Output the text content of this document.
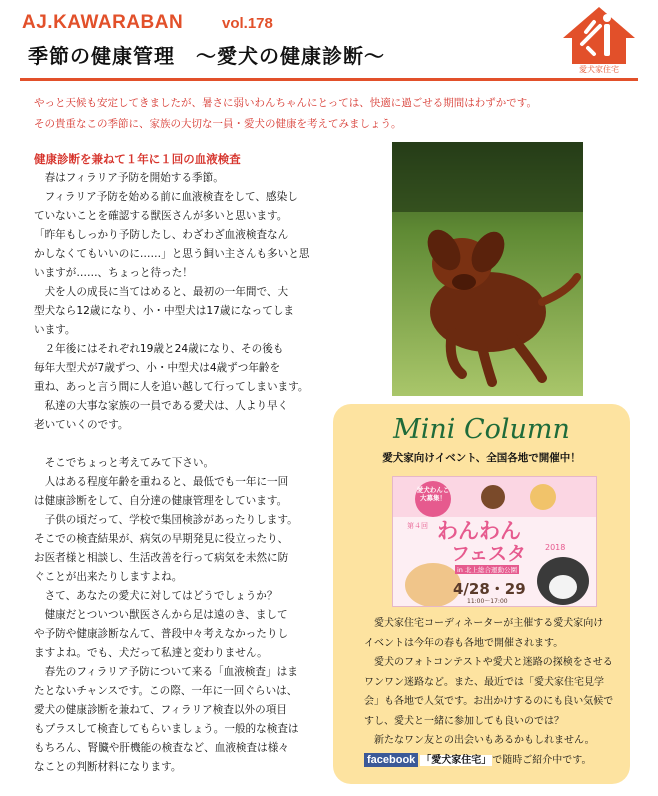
AJ.KAWARABAN	vol.178
季節の健康管理　～愛犬の健康診断～
愛犬家住宅
やっと天候も安定してきましたが、暑さに弱いわんちゃんにとっては、快適に過ごせる期間はわずかです。
その貴重なこの季節に、家族の大切な一員・愛犬の健康を考えてみましょう。

健康診断を兼ねて１年に１回の血液検査

　春はフィラリア予防を開始する季節。

　フィラリア予防を始める前に血液検査をして、感染し

ていないことを確認する獣医さんが多いと思います。

「昨年もしっかり予防したし、わざわざ血液検査なん

かしなくてもいいのに……」と思う飼い主さんも多いと思

いますが……、ちょっと待った！

　犬を人の成長に当てはめると、最初の一年間で、大

型犬なら12歳になり、小・中型犬は17歳になってしま

います。

　２年後にはそれぞれ19歳と24歳になり、その後も

毎年大型犬が7歳ずつ、小・中型犬は4歳ずつ年齢を

重ね、あっと言う間に人を追い越して行ってしまいます。

　私達の大事な家族の一員である愛犬は、人より早く

老いていくのです。

　そこでちょっと考えてみて下さい。

　人はある程度年齢を重ねると、最低でも一年に一回

は健康診断をして、自分達の健康管理をしています。

　子供の頃だって、学校で集団検診があったりします。

そこでの検査結果が、病気の早期発見に役立ったり、

お医者様と相談し、生活改善を行って病気を未然に防

ぐことが出来たりしますよね。

　さて、あなたの愛犬に対してはどうでしょうか？

　健康だとついつい獣医さんから足は遠のき、まして

や予防や健康診断なんて、普段中々考えなかったりし

ますよね。でも、犬だって私達と変わりません。

　春先のフィラリア予防について来る「血液検査」はま

たとないチャンスです。この際、一年に一回ぐらいは、

愛犬の健康診断を兼ねて、フィラリア検査以外の項目

もプラスして検査してもらいましょう。一般的な検査は

もちろん、腎臓や肝機能の検査など、血液検査は様々

なことの判断材料になります。

Mini Column
愛犬家向けイベント、全国各地で開催中！
愛犬わんこ大募集！
第４回 わんわん
フェスタ 2018
in 北上総合運動公園
4/28・29
11:00〜17:00

　愛犬家住宅コーディネーターが主催する愛犬家向け

イベントは今年の春も各地で開催されます。

　愛犬のフォトコンテストや愛犬と迷路の探検をさせる

ワンワン迷路など。また、最近では「愛犬家住宅見学

会」も各地で人気です。お出かけするのにも良い気候で

すし、愛犬と一緒に参加しても良いのでは？

　新たなワン友との出会いもあるかもしれません。

facebook 「愛犬家住宅」で随時ご紹介中です。
